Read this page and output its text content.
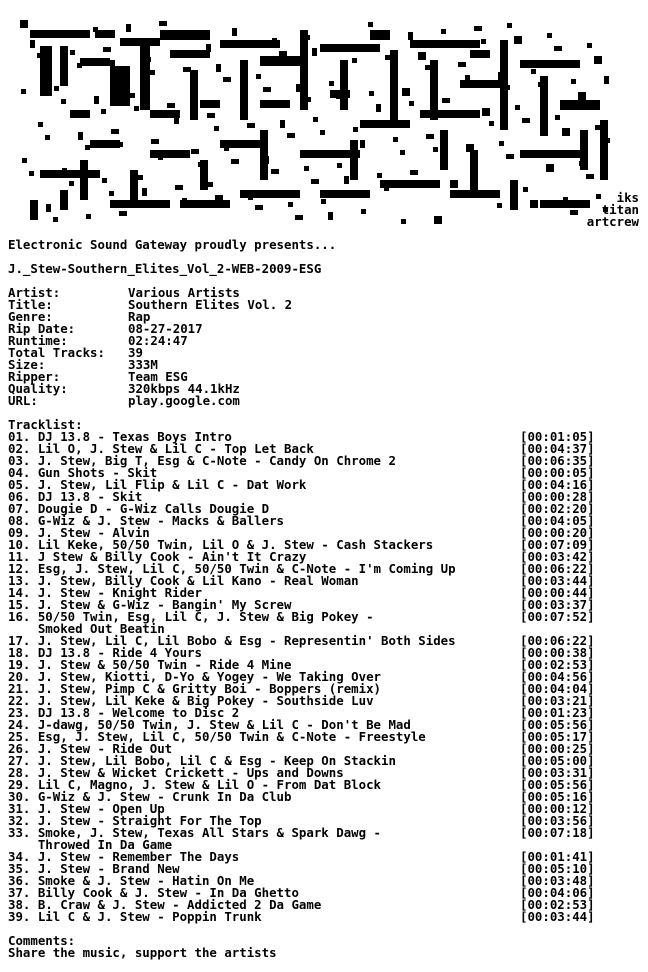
iks
titan
artcrew
Electronic Sound Gateway proudly presents...
J._Stew-Southern_Elites_Vol_2-WEB-2009-ESG
Artist:	Various Artists
Title:	Southern Elites Vol. 2
Genre:	Rap
Rip Date:	08-27-2017
Runtime:	02:24:47
Total Tracks: 39
Size:	333M
Ripper:	Team ESG
Quality:	320kbps 44.1kHz
URL:	play.google.com
Tracklist:
01. DJ 13.8 - Texas Boys Intro	[00:01:05]
02. Lil O, J. Stew & Lil C - Top Let Back	[00:04:37]
03. J. Stew, Big T, Esg & C-Note - Candy On Chrome 2	[00:06:35]
04. Gun Shots - Skit	[00:00:05]
05. J. Stew, Lil Flip & Lil C - Dat Work	[00:04:16]
06. DJ 13.8 - Skit	[00:00:28]
07. Dougie D - G-Wiz Calls Dougie D	[00:02:20]
08. G-Wiz & J. Stew - Macks & Ballers	[00:04:05]
09. J. Stew - Alvin	[00:00:20]
10. Lil Keke, 50/50 Twin, Lil O & J. Stew - Cash Stackers	[00:07:09]
11. J Stew & Billy Cook - Ain't It Crazy	[00:03:42]
12. Esg, J. Stew, Lil C, 50/50 Twin & C-Note - I'm Coming Up	[00:06:22]
13. J. Stew, Billy Cook & Lil Kano - Real Woman	[00:03:44]
14. J. Stew - Knight Rider	[00:00:44]
15. J. Stew & G-Wiz - Bangin' My Screw	[00:03:37]
16. 50/50 Twin, Esg, Lil C, J. Stew & Big Pokey -
Smoked Out Beatin
[00:07:52]
17. J. Stew, Lil C, Lil Bobo & Esg - Representin' Both Sides	[00:06:22]
18. DJ 13.8 - Ride 4 Yours	[00:00:38]
19. J. Stew & 50/50 Twin - Ride 4 Mine	[00:02:53]
20. J. Stew, Kiotti, D-Yo & Yogey - We Taking Over	[00:04:56]
21. J. Stew, Pimp C & Gritty Boi - Boppers (remix)	[00:04:04]
22. J. Stew, Lil Keke & Big Pokey - Southside Luv	[00:03:21]
23. DJ 13.8 - Welcome to Disc 2	[00:01:23]
24. J-dawg, 50/50 Twin, J. Stew & Lil C - Don't Be Mad	[00:05:56]
25. Esg, J. Stew, Lil C, 50/50 Twin & C-Note - Freestyle	[00:05:17]
26. J. Stew - Ride Out	[00:00:25]
27. J. Stew, Lil Bobo, Lil C & Esg - Keep On Stackin	[00:05:00]
28. J. Stew & Wicket Crickett - Ups and Downs	[00:03:31]
29. Lil C, Magno, J. Stew & Lil O - From Dat Block	[00:05:56]
30. G-Wiz & J. Stew - Crunk In Da Club	[00:05:16]
31. J. Stew - Open Up	[00:00:12]
32. J. Stew - Straight For The Top	[00:03:56]
33. Smoke, J. Stew, Texas All Stars & Spark Dawg -
Throwed In Da Game
[00:07:18]
34. J. Stew - Remember The Days	[00:01:41]
35. J. Stew - Brand New	[00:05:10]
36. Smoke & J. Stew - Hatin On Me	[00:03:48]
37. Billy Cook & J. Stew - In Da Ghetto	[00:04:06]
38. B. Craw & J. Stew - Addicted 2 Da Game	[00:02:53]
39. Lil C & J. Stew - Poppin Trunk	[00:03:44]
Comments:
Share the music, support the artists
